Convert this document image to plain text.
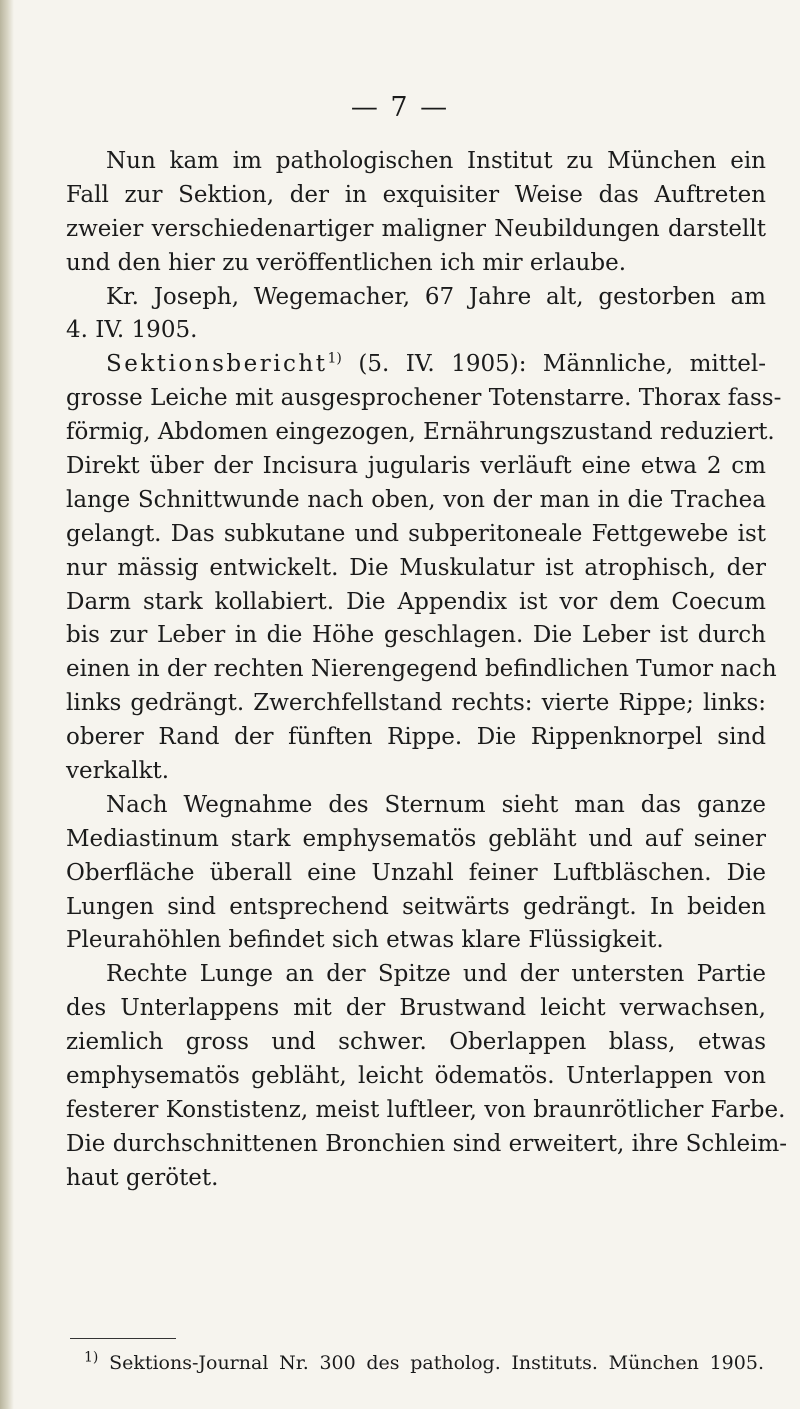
— 7 —
Nun kam im pathologischen Institut zu München ein
Fall zur Sektion, der in exquisiter Weise das Auftreten
zweier verschiedenartiger maligner Neubildungen darstellt
und den hier zu veröffentlichen ich mir erlaube.
Kr. Joseph, Wegemacher, 67 Jahre alt, gestorben am
4. IV. 1905.
Sektionsbericht$^{1)}$ (5. IV. 1905): Männliche, mittel-
grosse Leiche mit ausgesprochener Totenstarre. Thorax fass-
förmig, Abdomen eingezogen, Ernährungszustand reduziert.
Direkt über der Incisura jugularis verläuft eine etwa 2 cm
lange Schnittwunde nach oben, von der man in die Trachea
gelangt. Das subkutane und subperitoneale Fettgewebe ist
nur mässig entwickelt. Die Muskulatur ist atrophisch, der
Darm stark kollabiert. Die Appendix ist vor dem Coecum
bis zur Leber in die Höhe geschlagen. Die Leber ist durch
einen in der rechten Nierengegend befindlichen Tumor nach
links gedrängt. Zwerchfellstand rechts: vierte Rippe; links:
oberer Rand der fünften Rippe. Die Rippenknorpel sind
verkalkt.
Nach Wegnahme des Sternum sieht man das ganze
Mediastinum stark emphysematös gebläht und auf seiner
Oberfläche überall eine Unzahl feiner Luftbläschen. Die
Lungen sind entsprechend seitwärts gedrängt. In beiden
Pleurahöhlen befindet sich etwas klare Flüssigkeit.
Rechte Lunge an der Spitze und der untersten Partie
des Unterlappens mit der Brustwand leicht verwachsen,
ziemlich gross und schwer. Oberlappen blass, etwas
emphysematös gebläht, leicht ödematös. Unterlappen von
festerer Konstistenz, meist luftleer, von braunrötlicher Farbe.
Die durchschnittenen Bronchien sind erweitert, ihre Schleim-
haut gerötet.
$^{1)}$ Sektions-Journal Nr. 300 des patholog. Instituts. München 1905.
